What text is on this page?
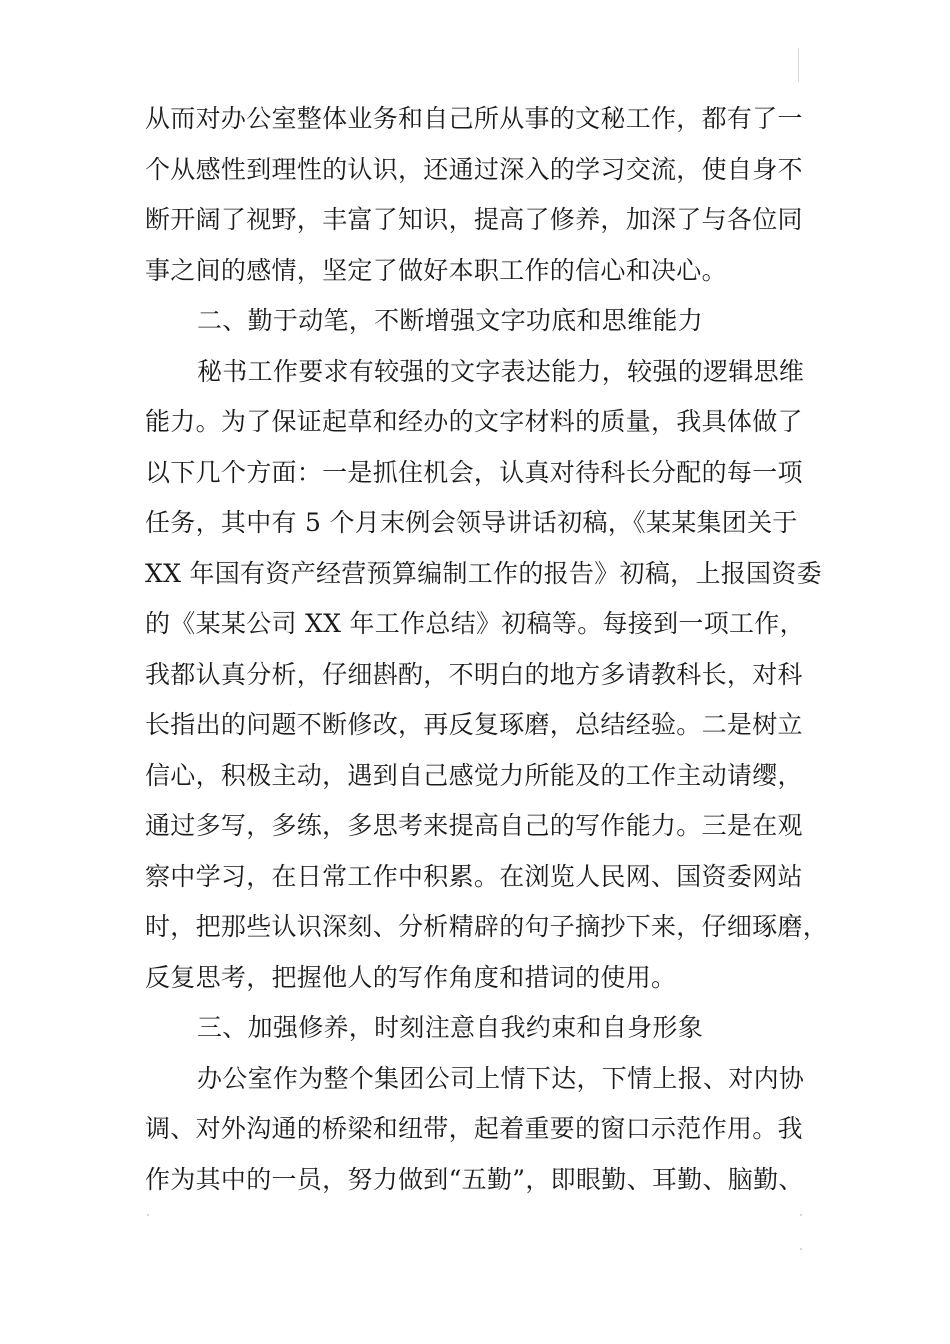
从而对办公室整体业务和自己所从事的文秘工作，都有了一
个从感性到理性的认识，还通过深入的学习交流，使自身不
断开阔了视野，丰富了知识，提高了修养，加深了与各位同
事之间的感情，坚定了做好本职工作的信心和决心。
二、勤于动笔，不断增强文字功底和思维能力
秘书工作要求有较强的文字表达能力，较强的逻辑思维
能力。为了保证起草和经办的文字材料的质量，我具体做了
以下几个方面：一是抓住机会，认真对待科长分配的每一项
任务，其中有 5 个月末例会领导讲话初稿，《某某集团关于
XX 年国有资产经营预算编制工作的报告》初稿，上报国资委
的《某某公司 XX 年工作总结》初稿等。每接到一项工作，
我都认真分析，仔细斟酌，不明白的地方多请教科长，对科
长指出的问题不断修改，再反复琢磨，总结经验。二是树立
信心，积极主动，遇到自己感觉力所能及的工作主动请缨，
通过多写，多练，多思考来提高自己的写作能力。三是在观
察中学习，在日常工作中积累。在浏览人民网、国资委网站
时，把那些认识深刻、分析精辟的句子摘抄下来，仔细琢磨，
反复思考，把握他人的写作角度和措词的使用。
三、加强修养，时刻注意自我约束和自身形象
办公室作为整个集团公司上情下达，下情上报、对内协
调、对外沟通的桥梁和纽带，起着重要的窗口示范作用。我
作为其中的一员，努力做到“五勤”，即眼勤、耳勤、脑勤、
